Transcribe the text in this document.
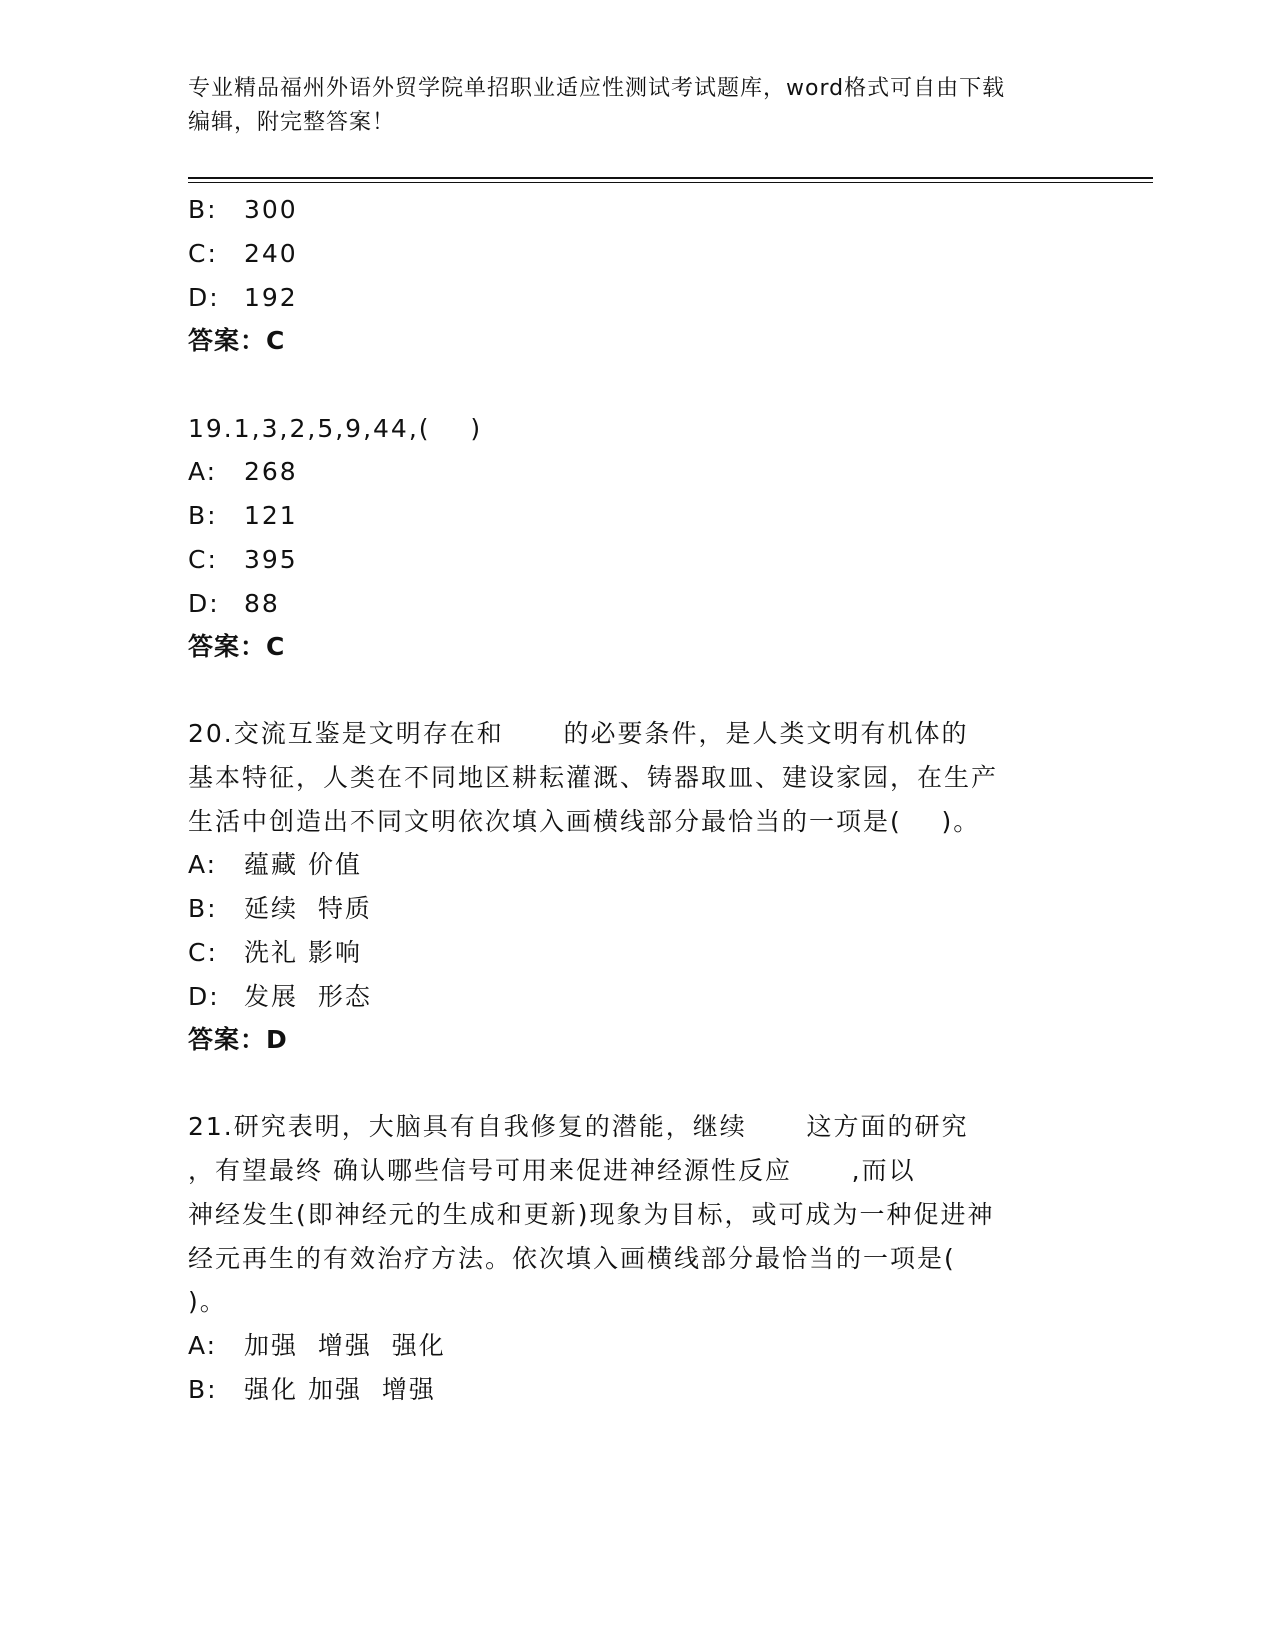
专业精品福州外语外贸学院单招职业适应性测试考试题库，word格式可自由下载
编辑，附完整答案！
B: 300
C: 240
D: 192
答案：C
19.1,3,2,5,9,44,(    )
A: 268
B: 121
C: 395
D: 88
答案：C
20.交流互鉴是文明存在和      的必要条件，是人类文明有机体的
基本特征，人类在不同地区耕耘灌溉、铸器取皿、建设家园，在生产
生活中创造出不同文明依次填入画横线部分最恰当的一项是(    )。
A: 蕴藏 价值
B: 延续  特质
C: 洗礼 影响
D: 发展  形态
答案：D
21.研究表明，大脑具有自我修复的潜能，继续      这方面的研究
，有望最终 确认哪些信号可用来促进神经源性反应      ,而以
神经发生(即神经元的生成和更新)现象为目标，或可成为一种促进神
经元再生的有效治疗方法。依次填入画横线部分最恰当的一项是(
)。
A: 加强  增强  强化
B: 强化 加强  增强
